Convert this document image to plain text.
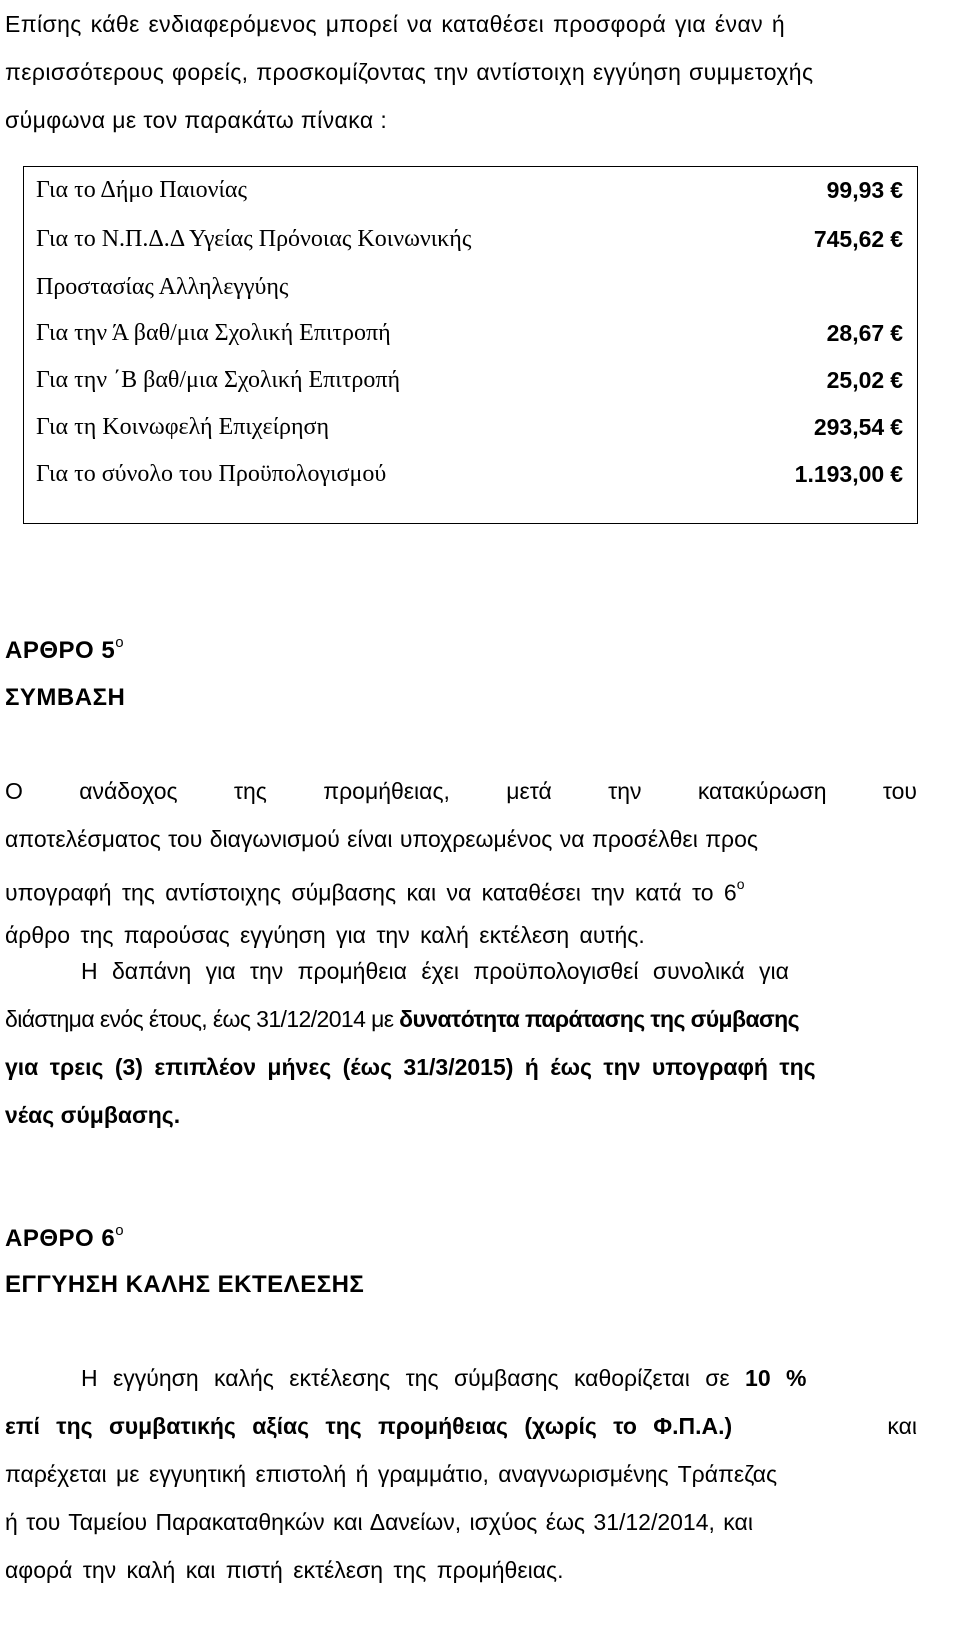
Επίσης κάθε ενδιαφερόμενος μπορεί να καταθέσει προσφορά για έναν ή
περισσότερους φορείς, προσκομίζοντας την αντίστοιχη εγγύηση συμμετοχής
σύμφωνα με τον παρακάτω πίνακα :
Για το Δήμο Παιονίας	99,93 €
Για το Ν.Π.Δ.Δ Υγείας Πρόνοιας Κοινωνικής	745,62 €
Προστασίας Αλληλεγγύης
Για την Ά βαθ/μια Σχολική Επιτροπή	28,67 €
Για την ΄Β βαθ/μια Σχολική Επιτροπή	25,02 €
Για τη Κοινωφελή Επιχείρηση	293,54 €
Για το σύνολο του Προϋπολογισμού	1.193,00 €
ΑΡΘΡΟ $5^o$
ΣΥΜΒΑΣΗ
Ο ανάδοχος της προμήθειας, μετά την κατακύρωση του
αποτελέσματος του διαγωνισμού είναι υποχρεωμένος να προσέλθει προς
υπογραφή της αντίστοιχης σύμβασης και να καταθέσει την κατά το $6^o$
άρθρο της παρούσας εγγύηση για την καλή εκτέλεση αυτής.
Η δαπάνη για την προμήθεια έχει προϋπολογισθεί συνολικά για
διάστημα ενός έτους, έως 31/12/2014 με δυνατότητα παράτασης της σύμβασης
για τρεις (3) επιπλέον μήνες (έως 31/3/2015) ή έως την υπογραφή της
νέας σύμβασης.
ΑΡΘΡΟ $6^o$
ΕΓΓΥΗΣΗ ΚΑΛΗΣ ΕΚΤΕΛΕΣΗΣ
Η εγγύηση καλής εκτέλεσης της σύμβασης καθορίζεται σε 10 %
επί της συμβατικής αξίας της προμήθειας (χωρίς το Φ.Π.Α.)	και
παρέχεται με εγγυητική επιστολή ή γραμμάτιο, αναγνωρισμένης Τράπεζας
ή του Ταμείου Παρακαταθηκών και Δανείων, ισχύος έως 31/12/2014, και
αφορά την καλή και πιστή εκτέλεση της προμήθειας.
